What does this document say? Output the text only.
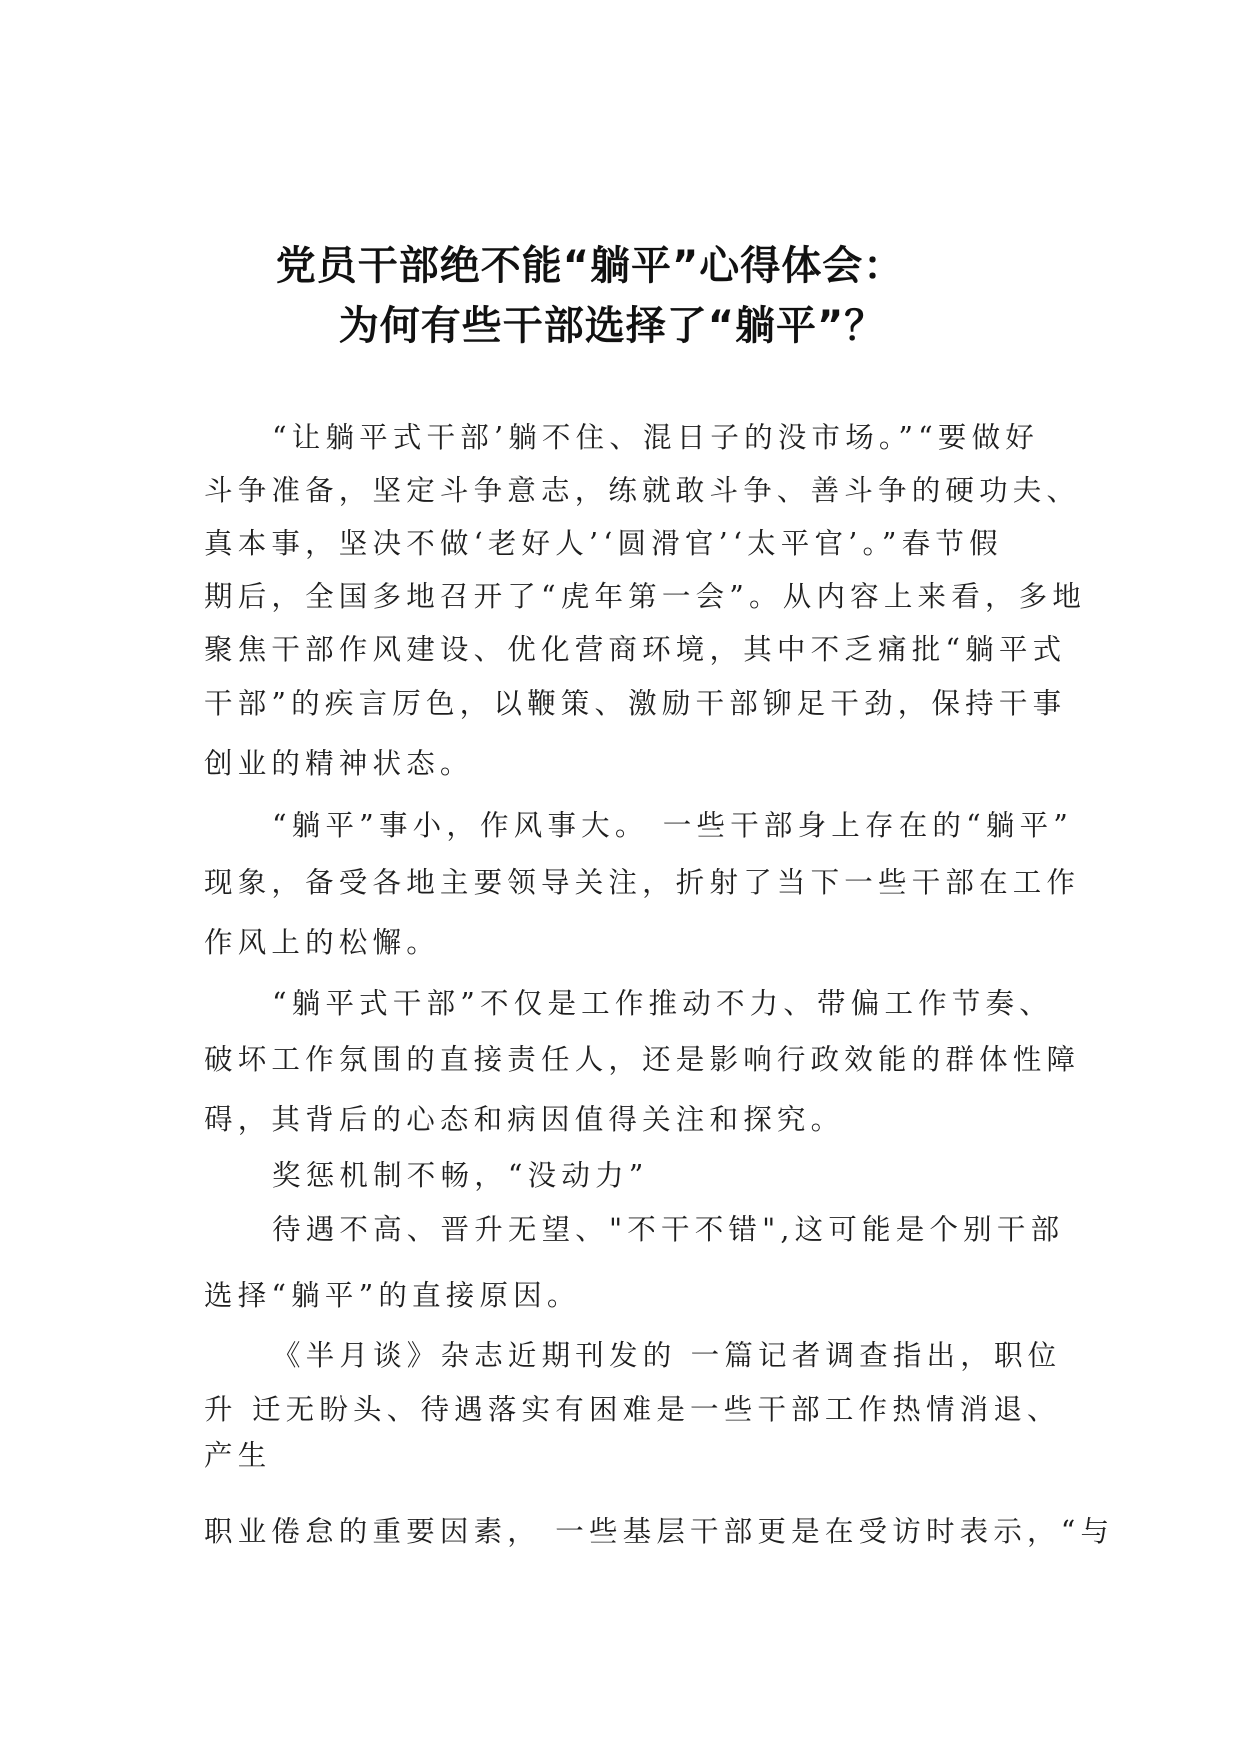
党员干部绝不能“躺平”心得体会：
为何有些干部选择了“躺平”？
“让躺平式干部’躺不住、混日子的没市场。”“要做好
斗争准备，坚定斗争意志，练就敢斗争、善斗争的硬功夫、
真本事，坚决不做‘老好人’‘圆滑官’‘太平官’。”春节假
期后，全国多地召开了“虎年第一会”。从内容上来看，多地
聚焦干部作风建设、优化营商环境，其中不乏痛批“躺平式
干部”的疾言厉色，以鞭策、激励干部铆足干劲，保持干事
创业的精神状态。
“躺平”事小，作风事大。 一些干部身上存在的“躺平”
现象，备受各地主要领导关注，折射了当下一些干部在工作
作风上的松懈。
“躺平式干部”不仅是工作推动不力、带偏工作节奏、
破坏工作氛围的直接责任人，还是影响行政效能的群体性障
碍，其背后的心态和病因值得关注和探究。
奖惩机制不畅，“没动力”
待遇不高、晋升无望、"不干不错",这可能是个别干部
选择“躺平”的直接原因。
《半月谈》杂志近期刊发的 一篇记者调查指出，职位
升 迁无盼头、待遇落实有困难是一些干部工作热情消退、
产生
职业倦怠的重要因素， 一些基层干部更是在受访时表示，“与
